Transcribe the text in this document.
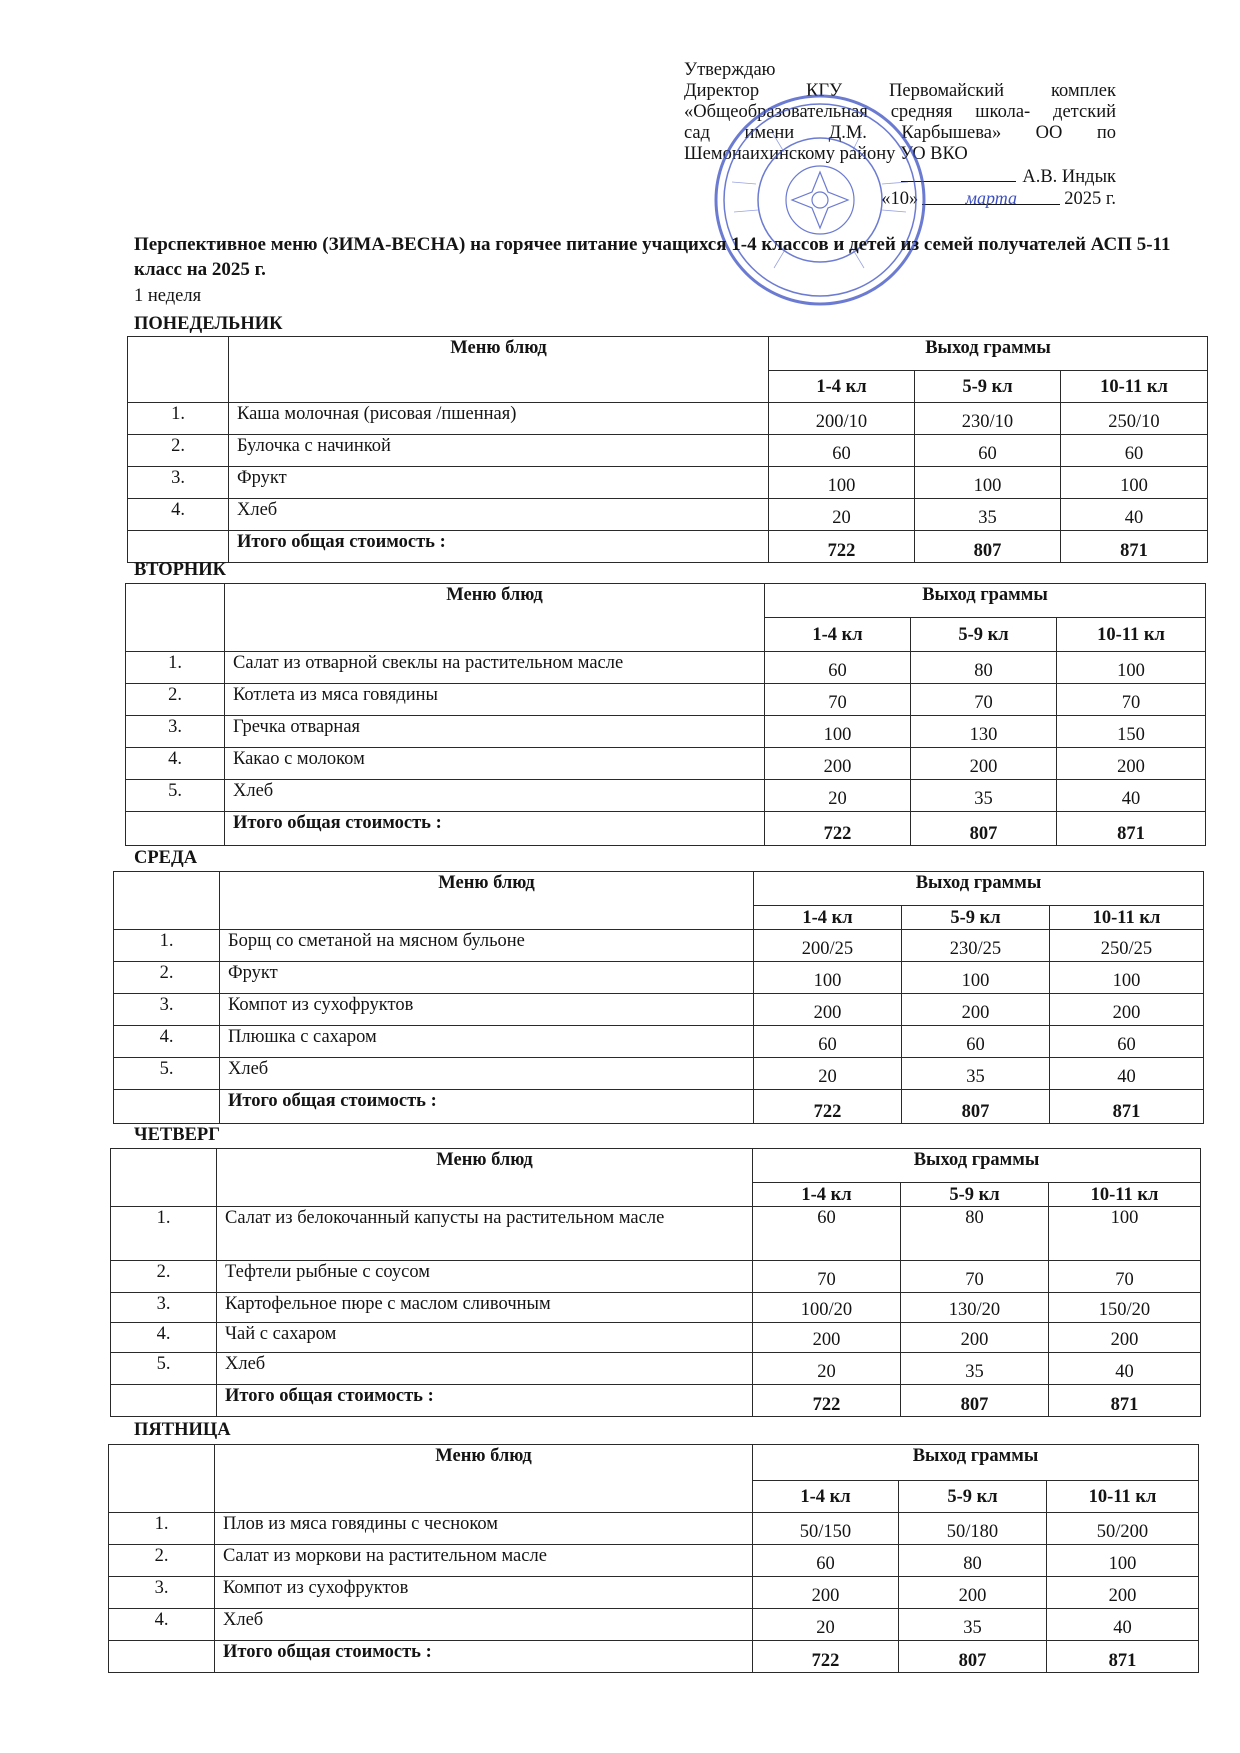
Утверждаю
Директор КГУ Первомайский комплек
«Общеобразовательная средняя школа- детский
сад имени Д.М. Карбышева» ОО по
Шемонаихинскому району УО ВКО
А.В. Индык
«10»	марта	2025 г.
Перспективное меню (ЗИМА-ВЕСНА) на горячее питание учащихся 1-4 классов и детей из семей получателей АСП 5-11 класс на 2025 г.
1 неделя
ПОНЕДЕЛЬНИК
	Меню блюд	Выход граммы		
		1-4 кл	5-9 кл	10-11 кл
1.	Каша молочная (рисовая /пшенная)	200/10	230/10	250/10
2.	Булочка с начинкой	60	60	60
3.	Фрукт	100	100	100
4.	Хлеб	20	35	40
	Итого общая стоимость :	722	807	871
ВТОРНИК
	Меню блюд	Выход граммы		
		1-4 кл	5-9 кл	10-11 кл
1.	Салат из отварной свеклы на растительном масле	60	80	100
2.	Котлета из мяса говядины	70	70	70
3.	Гречка отварная	100	130	150
4.	Какао с молоком	200	200	200
5.	Хлеб	20	35	40
	Итого общая стоимость :	722	807	871
СРЕДА
	Меню блюд	Выход граммы		
		1-4 кл	5-9 кл	10-11 кл
1.	Борщ со сметаной на мясном бульоне	200/25	230/25	250/25
2.	Фрукт	100	100	100
3.	Компот из сухофруктов	200	200	200
4.	Плюшка с сахаром	60	60	60
5.	Хлеб	20	35	40
	Итого общая стоимость :	722	807	871
ЧЕТВЕРГ
	Меню блюд	Выход граммы		
		1-4 кл	5-9 кл	10-11 кл
1.	Салат из белокочанный капусты на растительном масле	60	80	100
2.	Тефтели рыбные с соусом	70	70	70
3.	Картофельное пюре с маслом сливочным	100/20	130/20	150/20
4.	Чай с сахаром	200	200	200
5.	Хлеб	20	35	40
	Итого общая стоимость :	722	807	871
ПЯТНИЦА
	Меню блюд	Выход граммы		
		1-4 кл	5-9 кл	10-11 кл
1.	Плов из мяса говядины с чесноком	50/150	50/180	50/200
2.	Салат из моркови на растительном масле	60	80	100
3.	Компот из сухофруктов	200	200	200
4.	Хлеб	20	35	40
	Итого общая стоимость :	722	807	871
